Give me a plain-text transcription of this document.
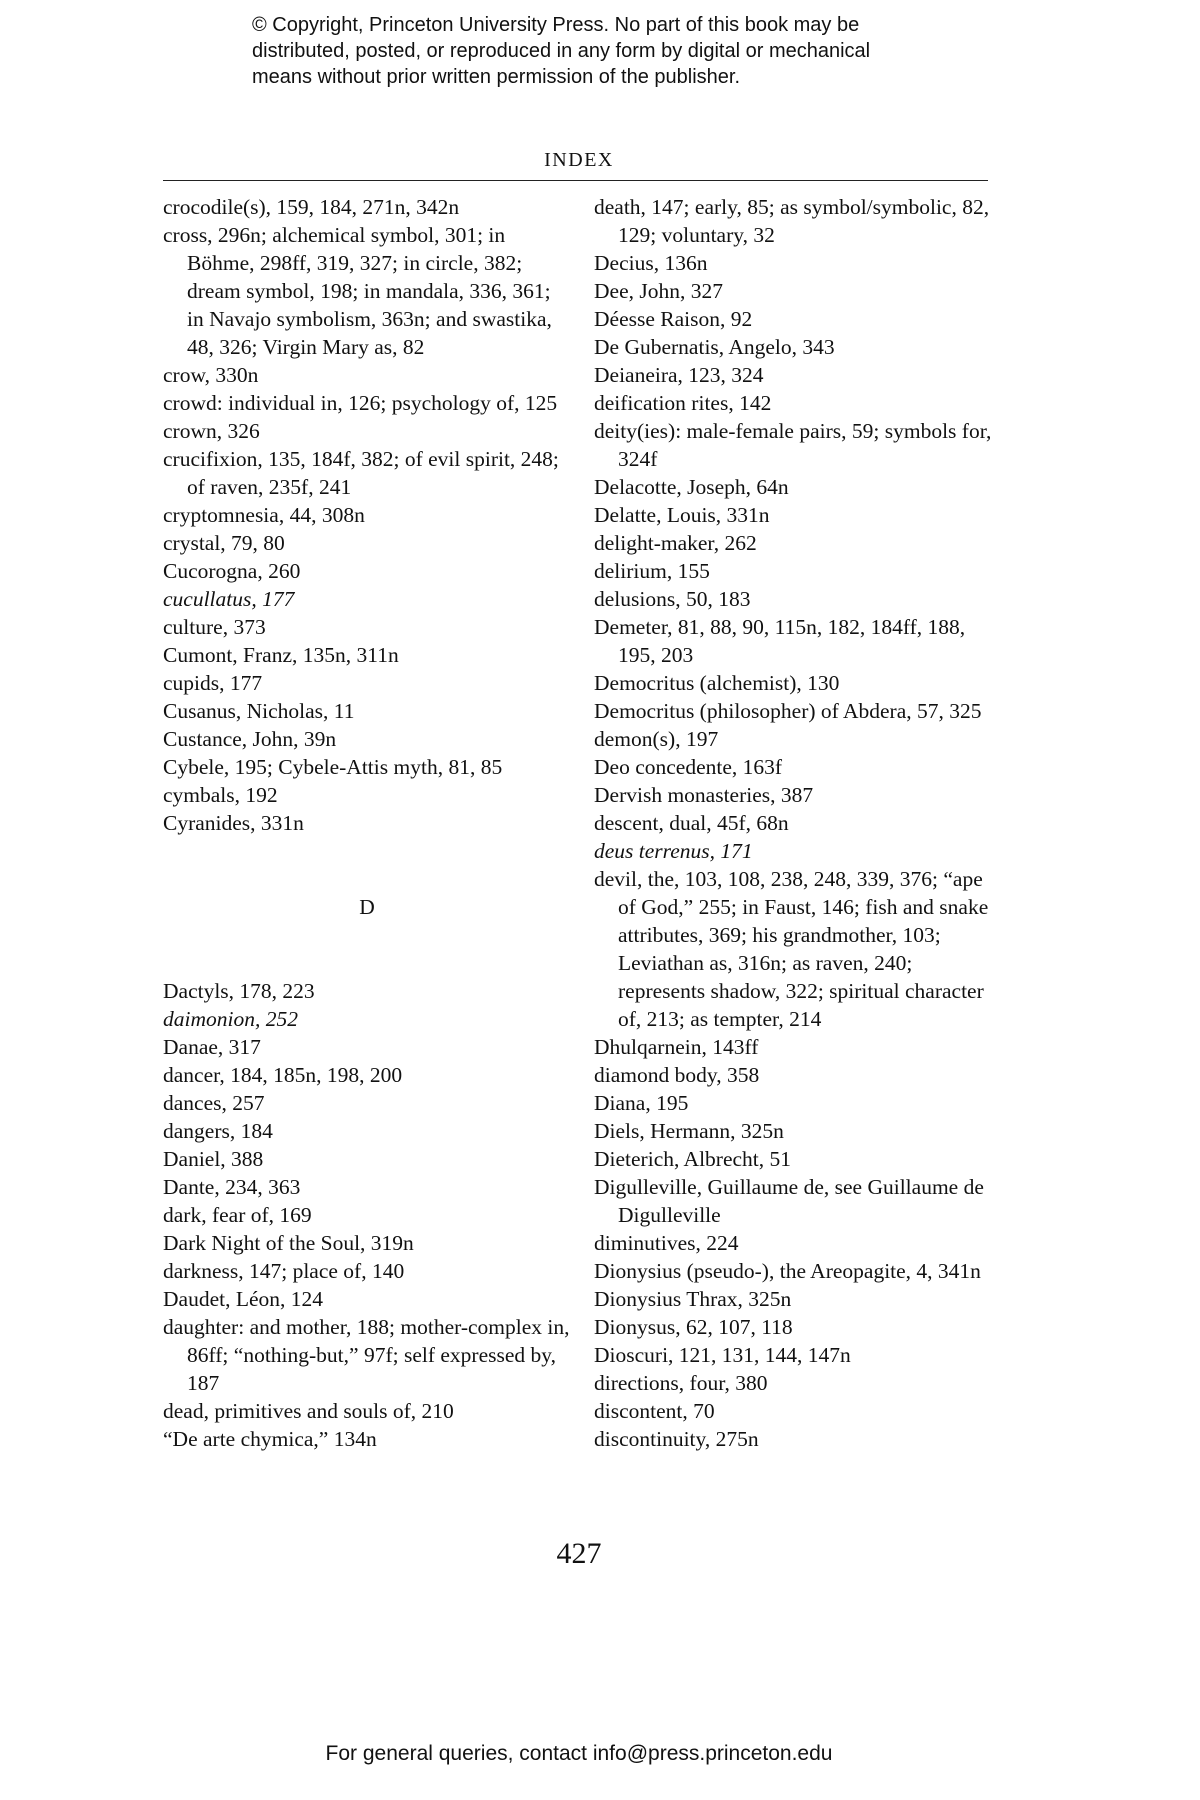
© Copyright, Princeton University Press. No part of this book may be
distributed, posted, or reproduced in any form by digital or mechanical
means without prior written permission of the publisher.
INDEX
crocodile(s), 159, 184, 271n, 342n
cross, 296n; alchemical symbol, 301; in Böhme, 298ff, 319, 327; in circle, 382; dream symbol, 198; in mandala, 336, 361; in Navajo symbolism, 363n; and swastika, 48, 326; Virgin Mary as, 82
crow, 330n
crowd: individual in, 126; psychology of, 125
crown, 326
crucifixion, 135, 184f, 382; of evil spirit, 248; of raven, 235f, 241
cryptomnesia, 44, 308n
crystal, 79, 80
Cucorogna, 260
cucullatus, 177
culture, 373
Cumont, Franz, 135n, 311n
cupids, 177
Cusanus, Nicholas, 11
Custance, John, 39n
Cybele, 195; Cybele-Attis myth, 81, 85
cymbals, 192
Cyranides, 331n
D
Dactyls, 178, 223
daimonion, 252
Danae, 317
dancer, 184, 185n, 198, 200
dances, 257
dangers, 184
Daniel, 388
Dante, 234, 363
dark, fear of, 169
Dark Night of the Soul, 319n
darkness, 147; place of, 140
Daudet, Léon, 124
daughter: and mother, 188; mother-complex in, 86ff; “nothing-but,” 97f; self expressed by, 187
dead, primitives and souls of, 210
“De arte chymica,” 134n
death, 147; early, 85; as symbol/symbolic, 82, 129; voluntary, 32
Decius, 136n
Dee, John, 327
Déesse Raison, 92
De Gubernatis, Angelo, 343
Deianeira, 123, 324
deification rites, 142
deity(ies): male-female pairs, 59; symbols for, 324f
Delacotte, Joseph, 64n
Delatte, Louis, 331n
delight-maker, 262
delirium, 155
delusions, 50, 183
Demeter, 81, 88, 90, 115n, 182, 184ff, 188, 195, 203
Democritus (alchemist), 130
Democritus (philosopher) of Abdera, 57, 325
demon(s), 197
Deo concedente, 163f
Dervish monasteries, 387
descent, dual, 45f, 68n
deus terrenus, 171
devil, the, 103, 108, 238, 248, 339, 376; “ape of God,” 255; in Faust, 146; fish and snake attributes, 369; his grandmother, 103; Leviathan as, 316n; as raven, 240; represents shadow, 322; spiritual character of, 213; as tempter, 214
Dhulqarnein, 143ff
diamond body, 358
Diana, 195
Diels, Hermann, 325n
Dieterich, Albrecht, 51
Digulleville, Guillaume de, see Guillaume de Digulleville
diminutives, 224
Dionysius (pseudo-), the Areopagite, 4, 341n
Dionysius Thrax, 325n
Dionysus, 62, 107, 118
Dioscuri, 121, 131, 144, 147n
directions, four, 380
discontent, 70
discontinuity, 275n
427
For general queries, contact info@press.princeton.edu
